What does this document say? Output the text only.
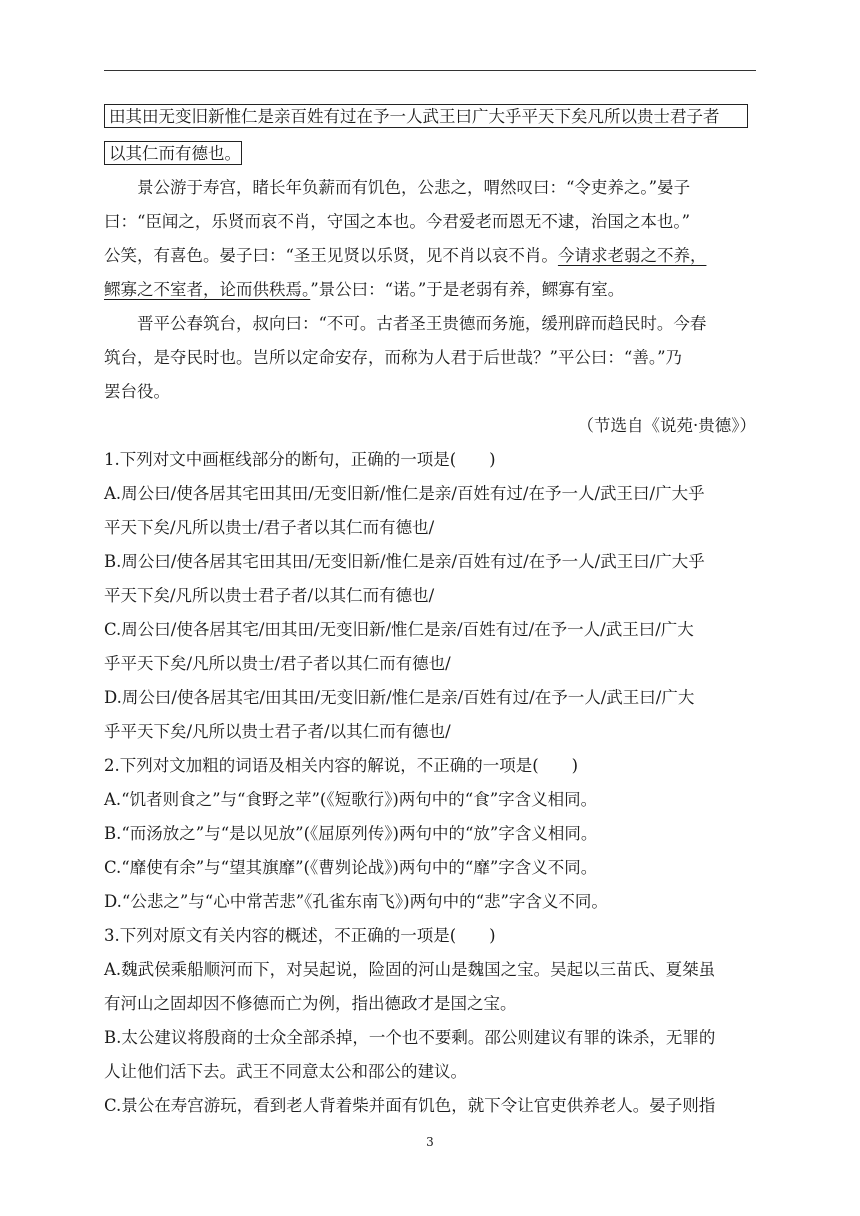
田其田无变旧新惟仁是亲百姓有过在予一人武王曰广大乎平天下矣凡所以贵士君子者
以其仁而有德也。
景公游于寿宫，睹长年负薪而有饥色，公悲之，喟然叹曰：“令吏养之。”晏子
曰：“臣闻之，乐贤而哀不肖，守国之本也。今君爱老而恩无不逮，治国之本也。”
公笑，有喜色。晏子曰：“圣王见贤以乐贤，见不肖以哀不肖。今请求老弱之不养，
鳏寡之不室者，论而供秩焉。”景公曰：“诺。”于是老弱有养，鳏寡有室。
晋平公春筑台，叔向曰：“不可。古者圣王贵德而务施，缓刑辟而趋民时。今春
筑台，是夺民时也。岂所以定命安存，而称为人君于后世哉？”平公曰：“善。”乃
罢台役。
（节选自《说苑·贵德》）
1.下列对文中画框线部分的断句，正确的一项是(　　)
A.周公曰/使各居其宅田其田/无变旧新/惟仁是亲/百姓有过/在予一人/武王曰/广大乎
平天下矣/凡所以贵士/君子者以其仁而有德也/
B.周公曰/使各居其宅田其田/无变旧新/惟仁是亲/百姓有过/在予一人/武王曰/广大乎
平天下矣/凡所以贵士君子者/以其仁而有德也/
C.周公曰/使各居其宅/田其田/无变旧新/惟仁是亲/百姓有过/在予一人/武王曰/广大
乎平天下矣/凡所以贵士/君子者以其仁而有德也/
D.周公曰/使各居其宅/田其田/无变旧新/惟仁是亲/百姓有过/在予一人/武王曰/广大
乎平天下矣/凡所以贵士君子者/以其仁而有德也/
2.下列对文加粗的词语及相关内容的解说，不正确的一项是(　　)
A.“饥者则食之”与“食野之苹”(《短歌行》)两句中的“食”字含义相同。
B.“而汤放之”与“是以见放”(《屈原列传》)两句中的“放”字含义相同。
C.“靡使有余”与“望其旗靡”(《曹刿论战》)两句中的“靡”字含义不同。
D.“公悲之”与“心中常苦悲”《孔雀东南飞》)两句中的“悲”字含义不同。
3.下列对原文有关内容的概述，不正确的一项是(　　)
A.魏武侯乘船顺河而下，对吴起说，险固的河山是魏国之宝。吴起以三苗氏、夏桀虽
有河山之固却因不修德而亡为例，指出德政才是国之宝。
B.太公建议将殷商的士众全部杀掉，一个也不要剩。邵公则建议有罪的诛杀，无罪的
人让他们活下去。武王不同意太公和邵公的建议。
C.景公在寿宫游玩，看到老人背着柴并面有饥色，就下令让官吏供养老人。晏子则指
3
